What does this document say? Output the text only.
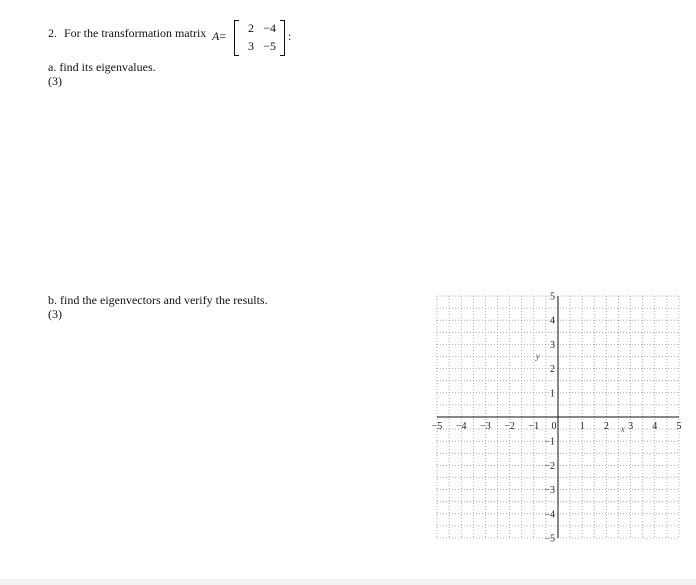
2. For the transformation matrix A=
2 −4
3 −5
:
a. find its eigenvalues.
(3)
b. find the eigenvectors and verify the results.
(3)
−5 −4 −3 −2 −1 0 1 2 3 4 5
5
4
3
2
1
−1
−2
−3
−4
−5
x
y
